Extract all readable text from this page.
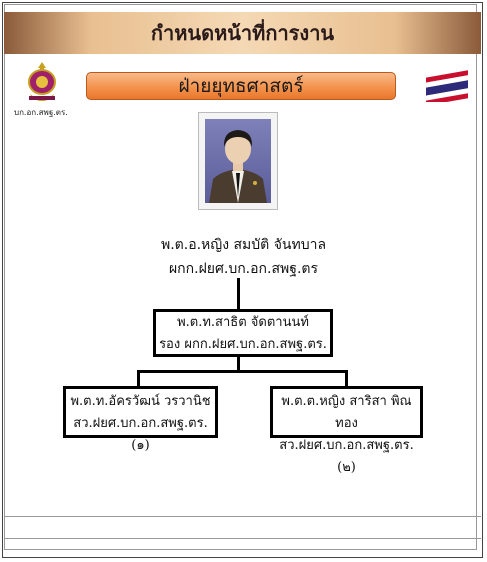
กำหนดหน้าที่การงาน
บก.อก.สพฐ.ตร.
ฝ่ายยุทธศาสตร์
พ.ต.อ.หญิง สมบัติ จันทบาล
ผกก.ฝยศ.บก.อก.สพฐ.ตร
พ.ต.ท.สาธิต จัดตานนท์
รอง ผกก.ฝยศ.บก.อก.สพฐ.ตร.
พ.ต.ท.อัครวัฒน์ วรวานิช
สว.ฝยศ.บก.อก.สพฐ.ตร.(๑)
พ.ต.ต.หญิง สาริสา พิณทอง
สว.ฝยศ.บก.อก.สพฐ.ตร.(๒)
